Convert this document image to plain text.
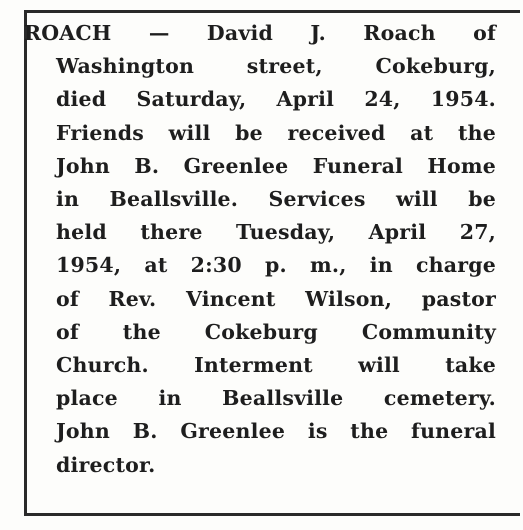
ROACH — David J. Roach of
Washington street, Cokeburg,
died Saturday, April 24, 1954.
Friends will be received at the
John B. Greenlee Funeral Home
in Beallsville. Services will be
held there Tuesday, April 27,
1954, at 2:30 p. m., in charge
of Rev. Vincent Wilson, pastor
of the Cokeburg Community
Church. Interment will take
place in Beallsville cemetery.
John B. Greenlee is the funeral
director.
